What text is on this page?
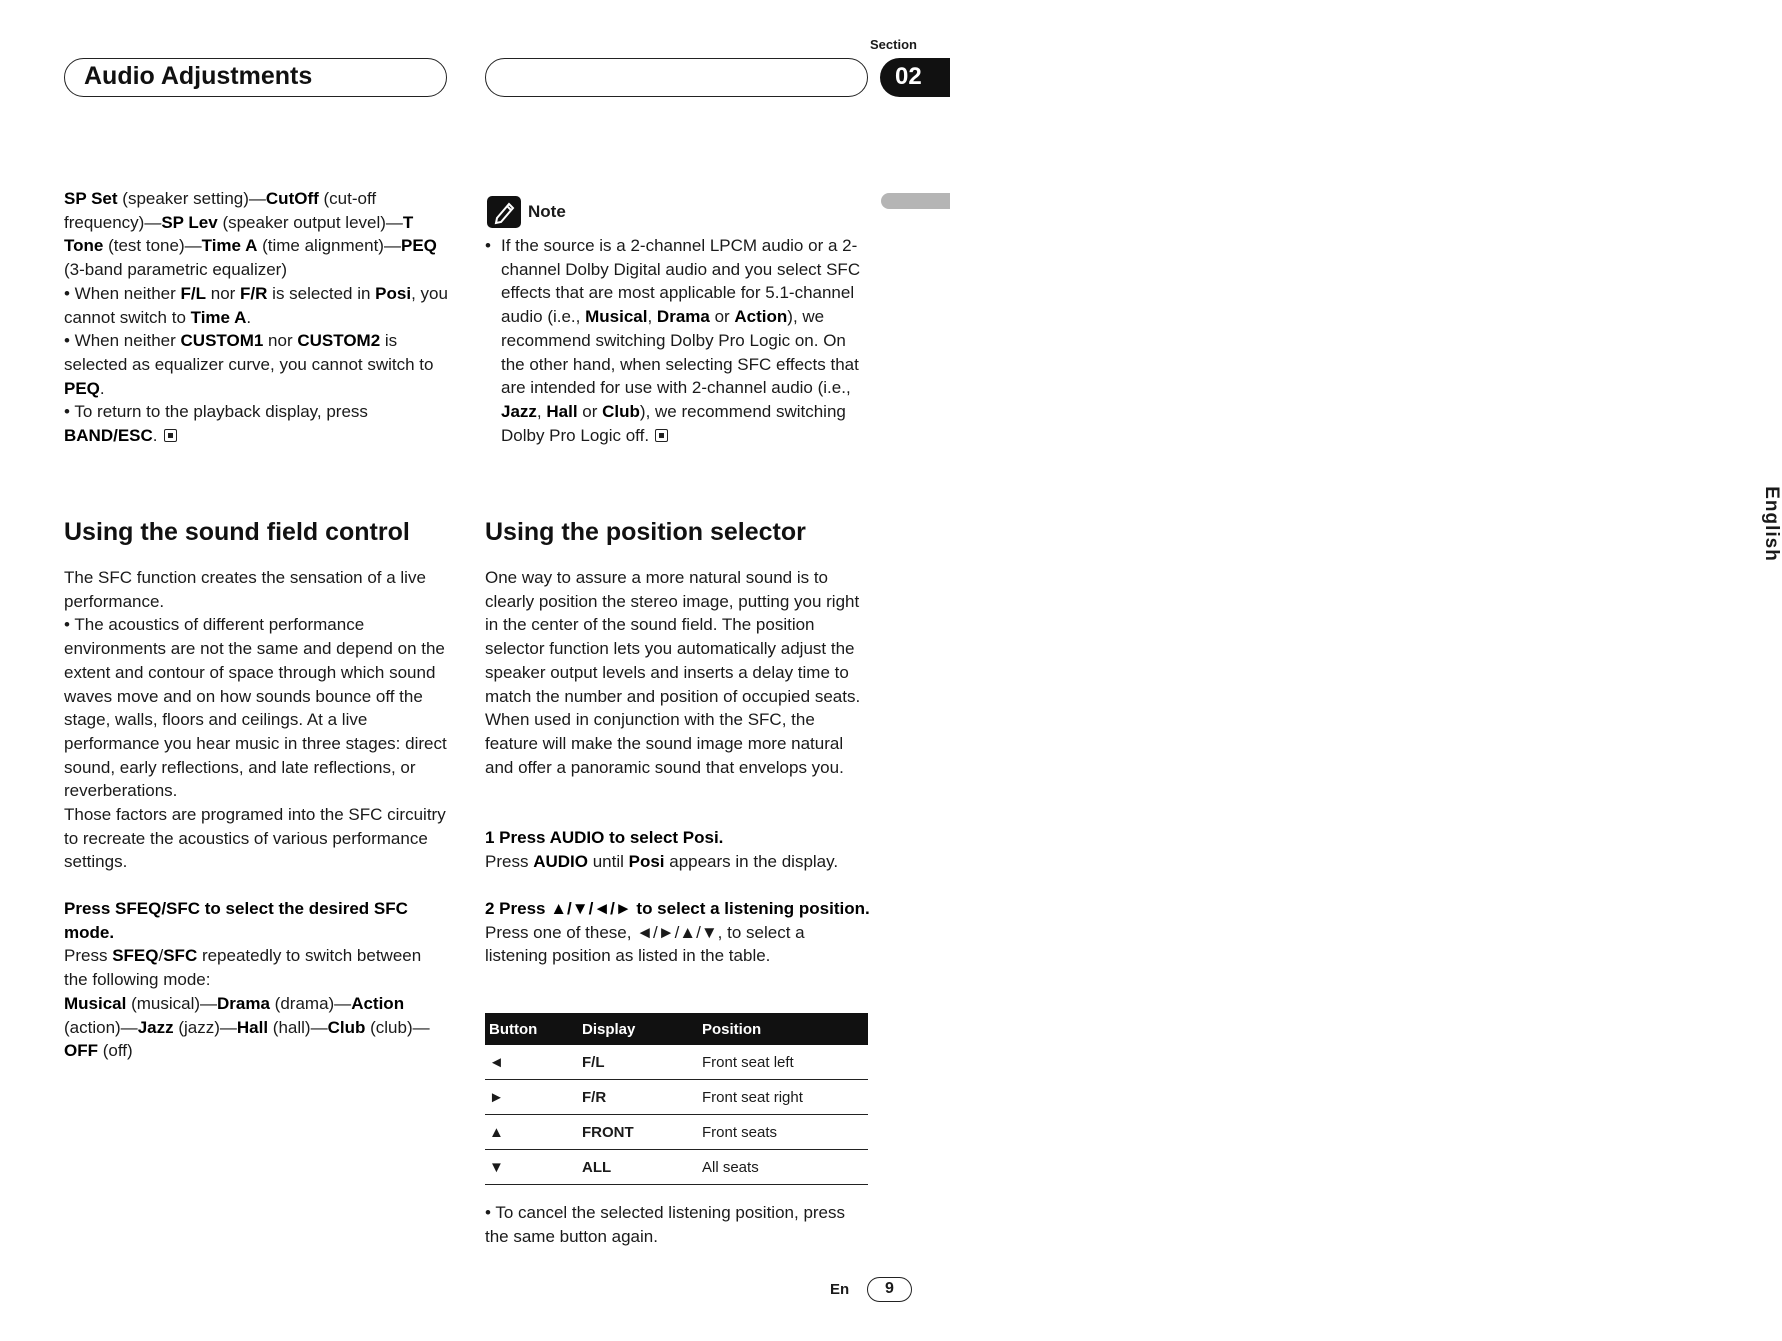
Audio Adjustments
Section
02
English

SP Set (speaker setting)—CutOff (cut-off frequency)—SP Lev (speaker output level)—T Tone (test tone)—Time A (time alignment)—PEQ (3-band parametric equalizer)

• When neither F/L nor F/R is selected in Posi, you cannot switch to Time A.

• When neither CUSTOM1 nor CUSTOM2 is selected as equalizer curve, you cannot switch to PEQ.

• To return to the playback display, press BAND/ESC.

Note
• If the source is a 2-channel LPCM audio or a 2-channel Dolby Digital audio and you select SFC effects that are most applicable for 5.1-channel audio (i.e., Musical, Drama or Action), we recommend switching Dolby Pro Logic on. On the other hand, when selecting SFC effects that are intended for use with 2-channel audio (i.e., Jazz, Hall or Club), we recommend switching Dolby Pro Logic off.

Using the sound field control

The SFC function creates the sensation of a live performance.

• The acoustics of different performance environments are not the same and depend on the extent and contour of space through which sound waves move and on how sounds bounce off the stage, walls, floors and ceilings. At a live performance you hear music in three stages: direct sound, early reflections, and late reflections, or reverberations.

Those factors are programed into the SFC circuitry to recreate the acoustics of various performance settings.

Press SFEQ/SFC to select the desired SFC mode.

Press SFEQ/SFC repeatedly to switch between the following mode:

Musical (musical)—Drama (drama)—Action (action)—Jazz (jazz)—Hall (hall)—Club (club)—OFF (off)

Using the position selector
One way to assure a more natural sound is to clearly position the stereo image, putting you right in the center of the sound field. The position selector function lets you automatically adjust the speaker output levels and inserts a delay time to match the number and position of occupied seats. When used in conjunction with the SFC, the feature will make the sound image more natural and offer a panoramic sound that envelops you.

1 Press AUDIO to select Posi.

Press AUDIO until Posi appears in the display.

2 Press ▲/▼/◄/► to select a listening position.

Press one of these, ◄/►/▲/▼, to select a listening position as listed in the table.

Button	Display	Position
◄	F/L	Front seat left
►	F/R	Front seat right
▲	FRONT	Front seats
▼	ALL	All seats
• To cancel the selected listening position, press the same button again.
En	9
